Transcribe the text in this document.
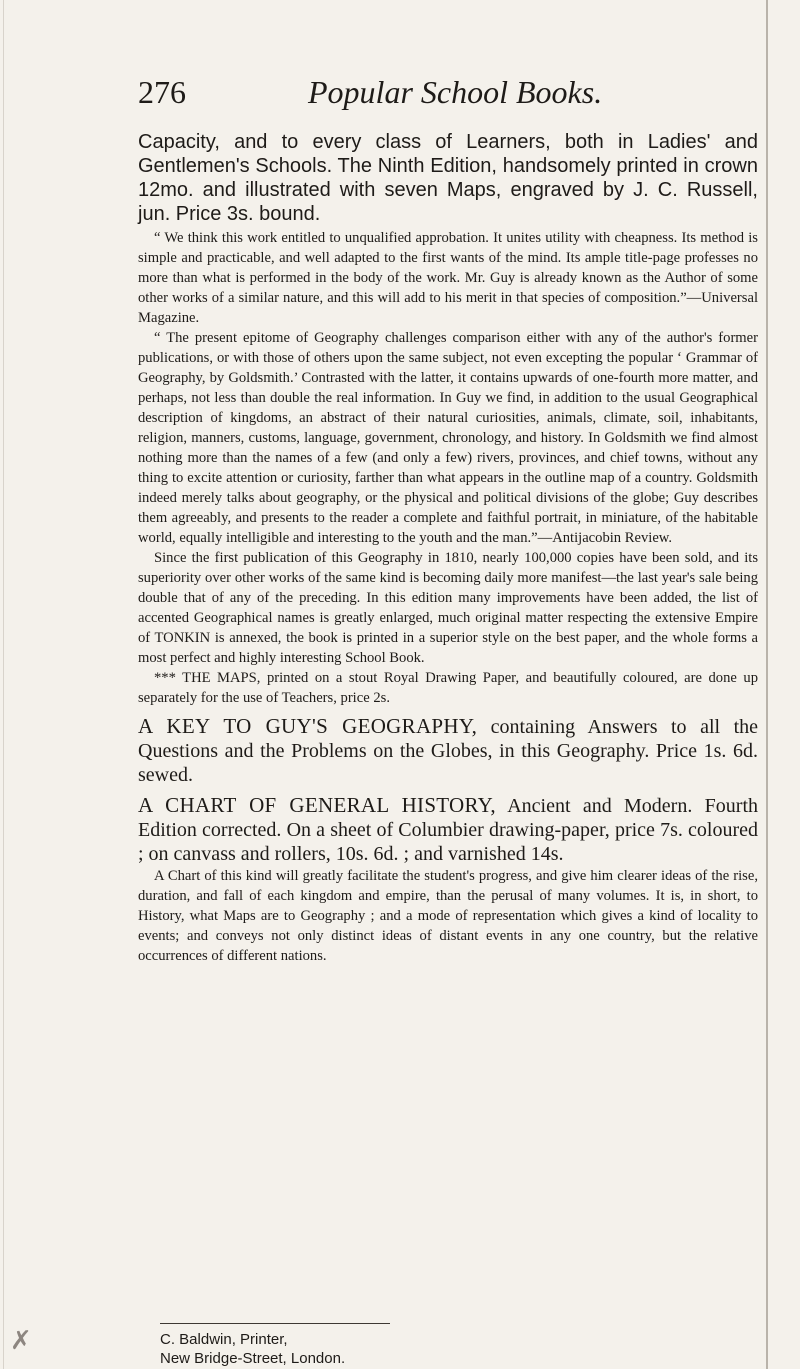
276	Popular School Books.

Capacity, and to every class of Learners, both in Ladies' and Gentlemen's Schools. The Ninth Edition, handsomely printed in crown 12mo. and illustrated with seven Maps, engraved by J. C. Russell, jun. Price 3s. bound.

“ We think this work entitled to unqualified approbation. It unites utility with cheapness. Its method is simple and practicable, and well adapted to the first wants of the mind. Its ample title-page professes no more than what is performed in the body of the work. Mr. Guy is already known as the Author of some other works of a similar nature, and this will add to his merit in that species of composition.”—Universal Magazine.

“ The present epitome of Geography challenges comparison either with any of the author's former publications, or with those of others upon the same subject, not even excepting the popular ‘ Grammar of Geography, by Goldsmith.’ Contrasted with the latter, it contains upwards of one-fourth more matter, and perhaps, not less than double the real information. In Guy we find, in addition to the usual Geographical description of kingdoms, an abstract of their natural curiosities, animals, climate, soil, inhabitants, religion, manners, customs, language, government, chronology, and history. In Goldsmith we find almost nothing more than the names of a few (and only a few) rivers, provinces, and chief towns, without any thing to excite attention or curiosity, farther than what appears in the outline map of a country. Goldsmith indeed merely talks about geography, or the physical and political divisions of the globe; Guy describes them agreeably, and presents to the reader a complete and faithful portrait, in miniature, of the habitable world, equally intelligible and interesting to the youth and the man.”—Antijacobin Review.

Since the first publication of this Geography in 1810, nearly 100,000 copies have been sold, and its superiority over other works of the same kind is becoming daily more manifest—the last year's sale being double that of any of the preceding. In this edition many improvements have been added, the list of accented Geographical names is greatly enlarged, much original matter respecting the extensive Empire of TONKIN is annexed, the book is printed in a superior style on the best paper, and the whole forms a most perfect and highly interesting School Book.

*** THE MAPS, printed on a stout Royal Drawing Paper, and beautifully coloured, are done up separately for the use of Teachers, price 2s.

A KEY TO GUY'S GEOGRAPHY, containing Answers to all the Questions and the Problems on the Globes, in this Geography. Price 1s. 6d. sewed.

A CHART OF GENERAL HISTORY, Ancient and Modern. Fourth Edition corrected. On a sheet of Columbier drawing-paper, price 7s. coloured ; on canvass and rollers, 10s. 6d. ; and varnished 14s.

A Chart of this kind will greatly facilitate the student's progress, and give him clearer ideas of the rise, duration, and fall of each kingdom and empire, than the perusal of many volumes. It is, in short, to History, what Maps are to Geography ; and a mode of representation which gives a kind of locality to events; and conveys not only distinct ideas of distant events in any one country, but the relative occurrences of different nations.

C. Baldwin, Printer,
New Bridge-Street, London.
✗
